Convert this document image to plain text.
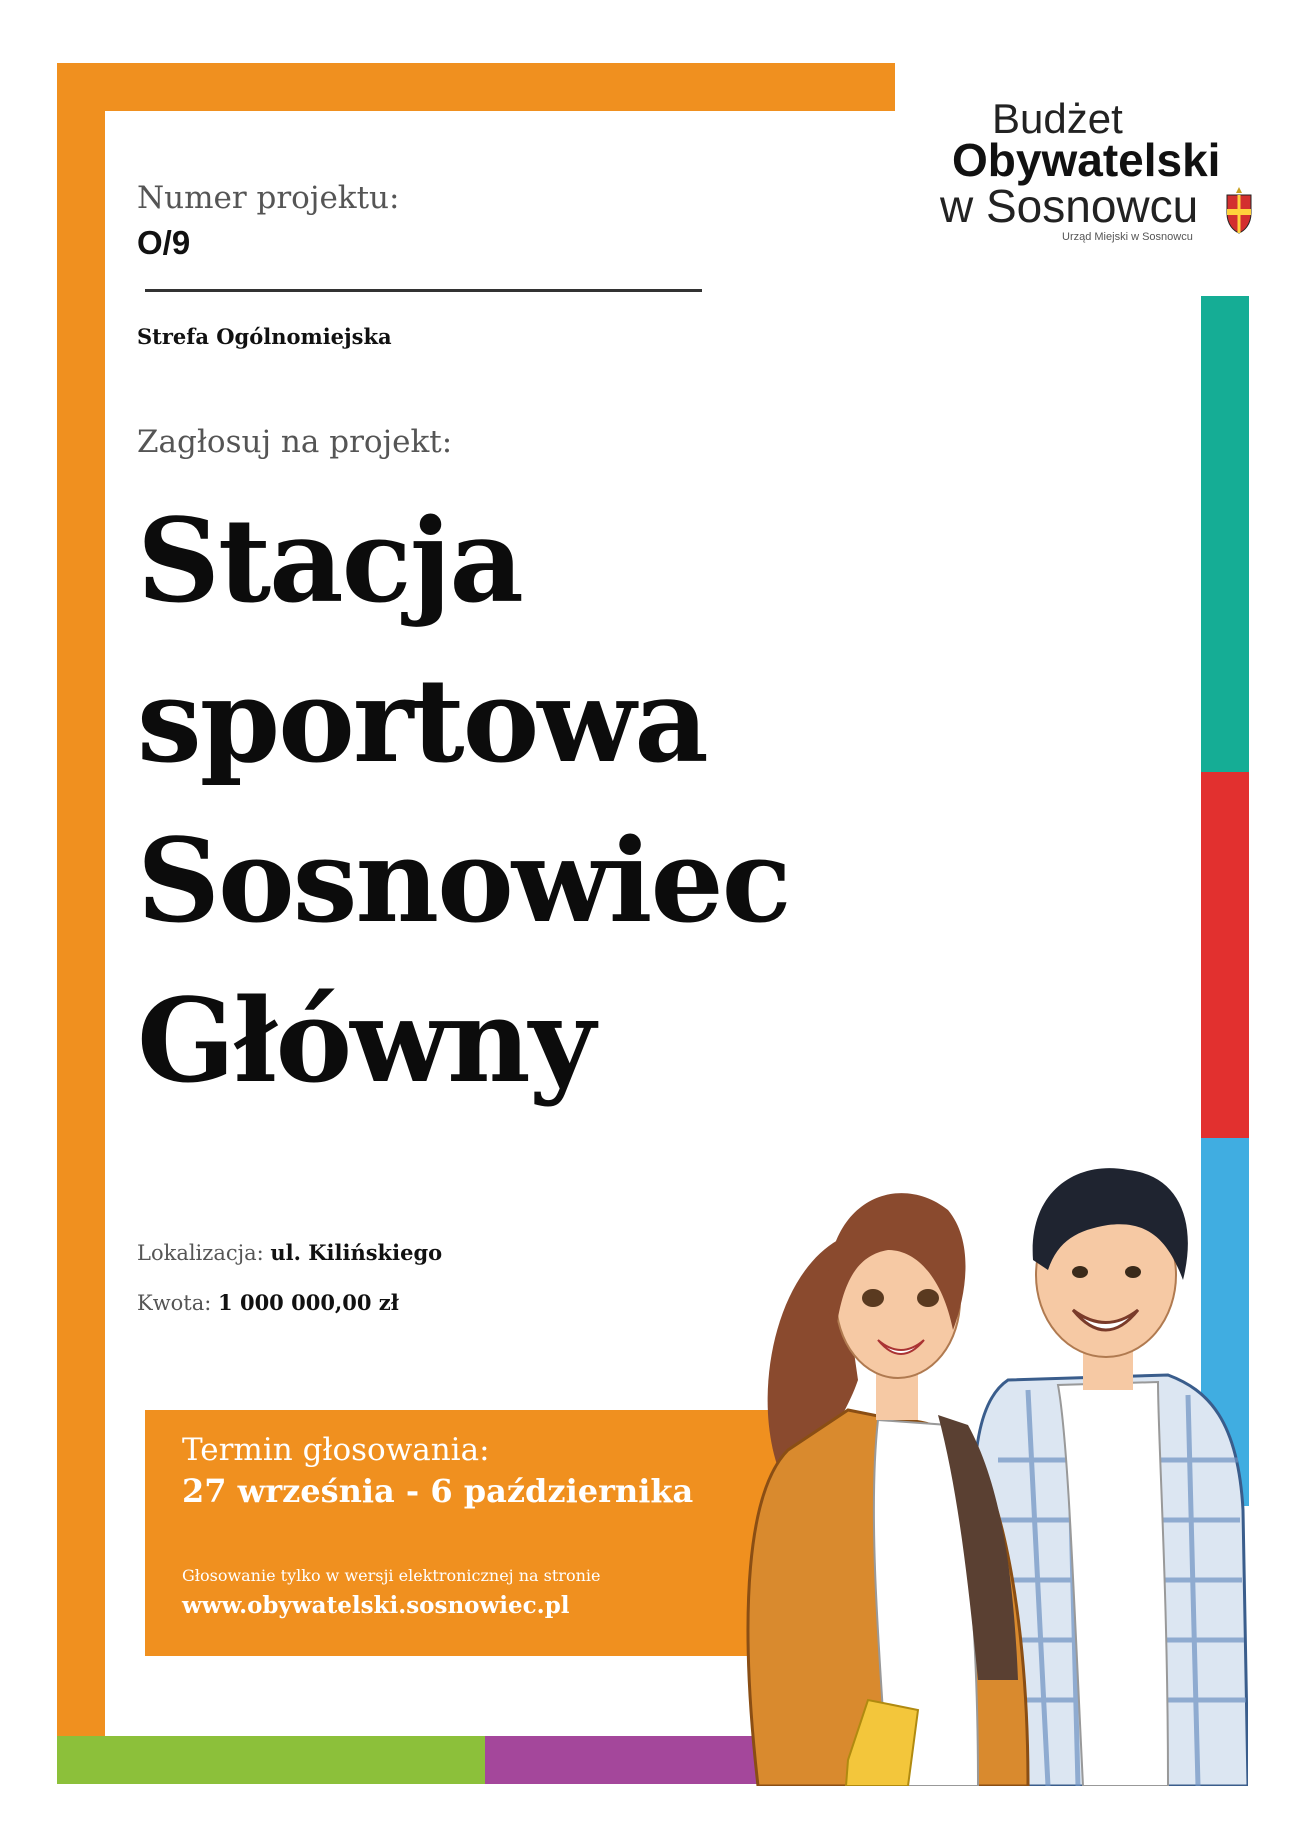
Budżet
Obywatelski
w Sosnowcu
Urząd Miejski w Sosnowcu
Numer projektu:
O/9
Strefa Ogólnomiejska
Zagłosuj na projekt:
Stacja
sportowa
Sosnowiec
Główny
Lokalizacja: ul. Kilińskiego
Kwota: 1 000 000,00 zł
Termin głosowania:
27 września - 6 października
Głosowanie tylko w wersji elektronicznej na stronie
www.obywatelski.sosnowiec.pl
